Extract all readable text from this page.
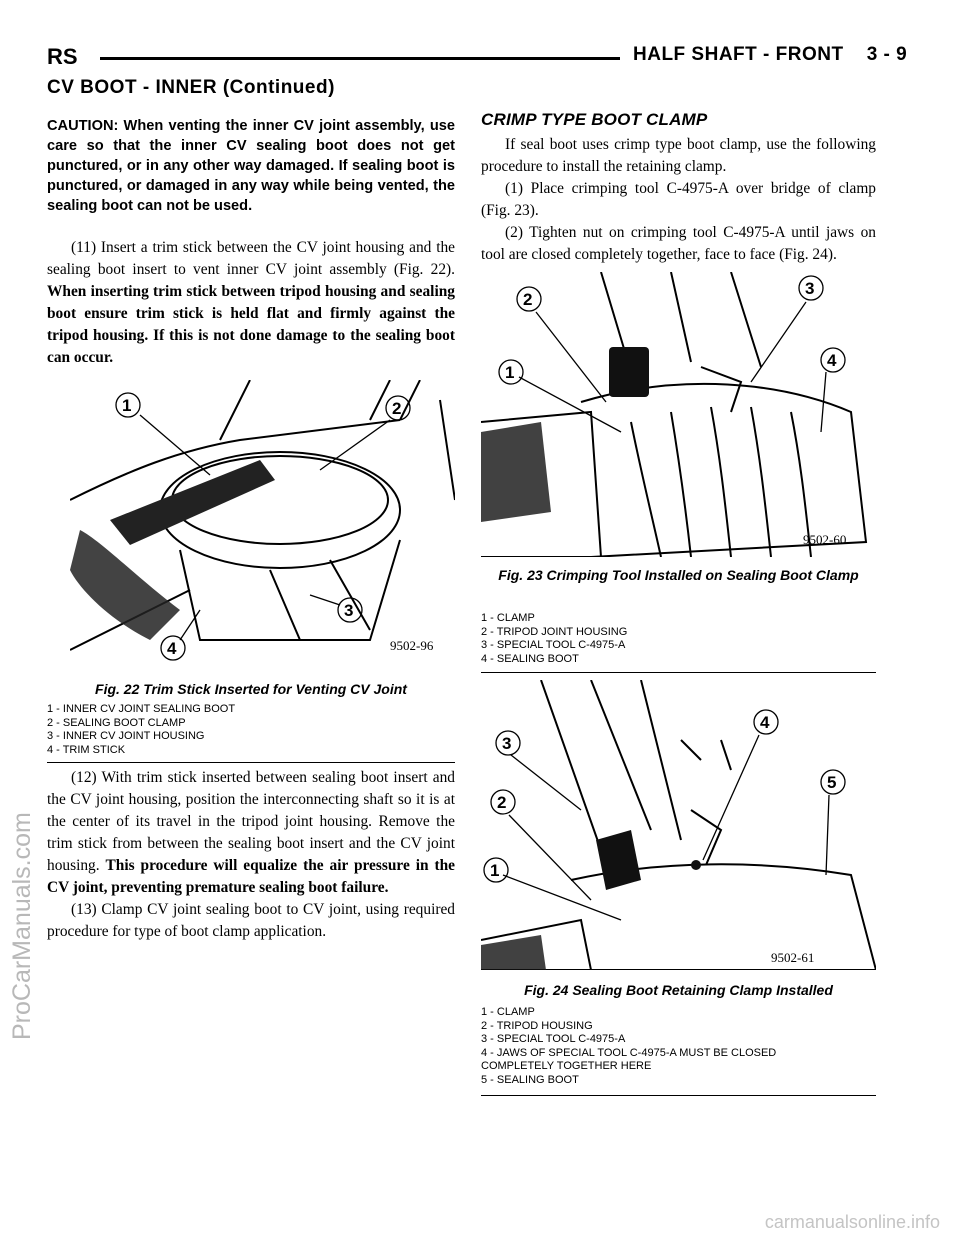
RS	HALF SHAFT - FRONT    3 - 9
CV BOOT - INNER (Continued)
CAUTION: When venting the inner CV joint assembly, use care so that the inner CV sealing boot does not get punctured, or in any other way damaged. If sealing boot is punctured, or damaged in any way while being vented, the sealing boot can not be used.

(11) Insert a trim stick between the CV joint housing and the sealing boot insert to vent inner CV joint assembly (Fig. 22). When inserting trim stick between tripod housing and sealing boot ensure trim stick is held flat and firmly against the tripod housing. If this is not done damage to the sealing boot can occur.

1	2
3
4	9502-96
Fig. 22 Trim Stick Inserted for Venting CV Joint
1 - INNER CV JOINT SEALING BOOT
2 - SEALING BOOT CLAMP
3 - INNER CV JOINT HOUSING
4 - TRIM STICK

(12) With trim stick inserted between sealing boot insert and the CV joint housing, position the interconnecting shaft so it is at the center of its travel in the tripod joint housing. Remove the trim stick from between the sealing boot insert and the CV joint housing. This procedure will equalize the air pressure in the CV joint, preventing premature sealing boot failure.

(13) Clamp CV joint sealing boot to CV joint, using required procedure for type of boot clamp application.

CRIMP TYPE BOOT CLAMP

If seal boot uses crimp type boot clamp, use the following procedure to install the retaining clamp.

(1) Place crimping tool C-4975-A over bridge of clamp (Fig. 23).

(2) Tighten nut on crimping tool C-4975-A until jaws on tool are closed completely together, face to face (Fig. 24).

1
2
3
4
9502-60
Fig. 23 Crimping Tool Installed on Sealing Boot Clamp
1 - CLAMP
2 - TRIPOD JOINT HOUSING
3 - SPECIAL TOOL C-4975-A
4 - SEALING BOOT
1
2
3
4
5
9502-61
Fig. 24 Sealing Boot Retaining Clamp Installed
1 - CLAMP
2 - TRIPOD HOUSING
3 - SPECIAL TOOL C-4975-A
4 - JAWS OF SPECIAL TOOL C-4975-A MUST BE CLOSED COMPLETELY TOGETHER HERE
5 - SEALING BOOT
ProCarManuals.com
carmanualsonline.info
